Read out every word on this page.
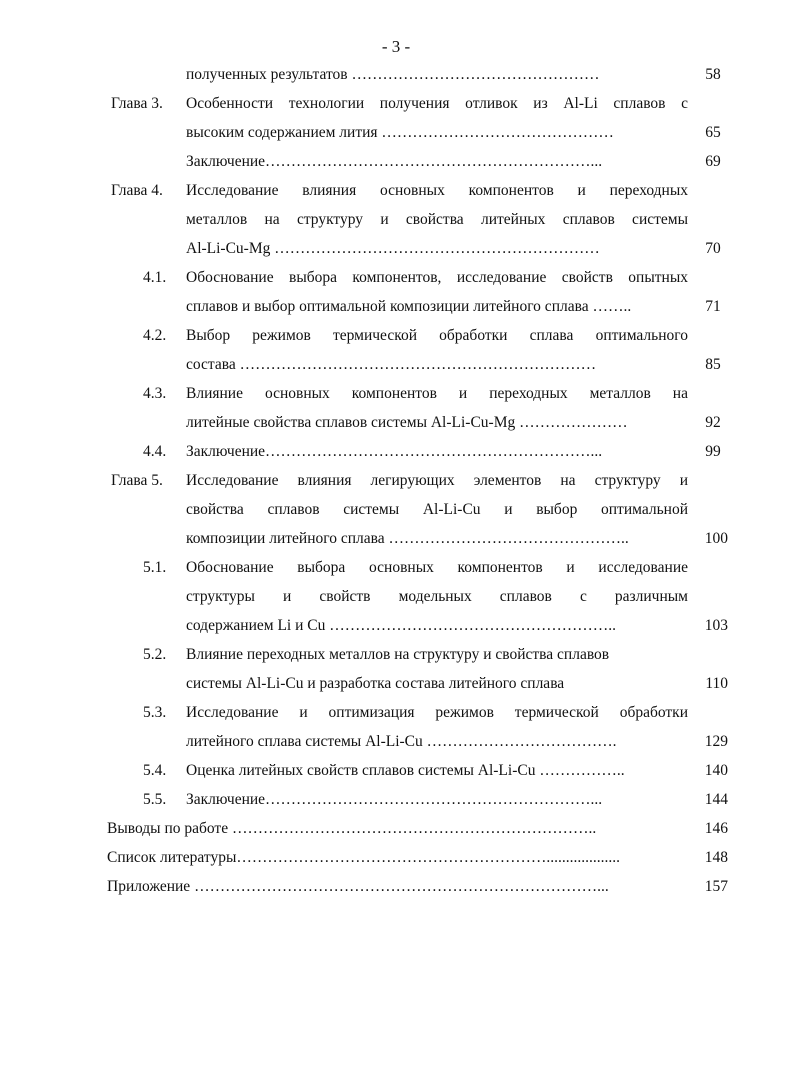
- 3 -
полученных результатов …………………………………………	58
Глава 3. Особенности технологии получения отливок из Al-Li сплавов с
высоким содержанием лития ………………………………………	65
Заключение………………………………………………………...	69
Глава 4. Исследование влияния основных компонентов и переходных
металлов на структуру и свойства литейных сплавов системы
Al-Li-Cu-Mg ………………………………………………………	70
4.1. Обоснование выбора компонентов, исследование свойств опытных
сплавов и выбор оптимальной композиции литейного сплава ……..	71
4.2. Выбор режимов термической обработки сплава оптимального
состава ……………………………………………………………	85
4.3. Влияние основных компонентов и переходных металлов на
литейные свойства сплавов системы Al-Li-Cu-Mg …………………	92
4.4. Заключение………………………………………………………...	99
Глава 5. Исследование влияния легирующих элементов на структуру и
свойства сплавов системы Al-Li-Cu и выбор оптимальной
композиции литейного сплава ………………………………………..	100
5.1. Обоснование выбора основных компонентов и исследование
структуры и свойств модельных сплавов с различным
содержанием Li и Cu ………………………………………………..	103
5.2. Влияние переходных металлов на структуру и свойства сплавов
системы Al-Li-Cu и разработка состава литейного сплава	110
5.3. Исследование и оптимизация режимов термической обработки
литейного сплава системы Al-Li-Cu ……………………………….	129
5.4. Оценка литейных свойств сплавов системы Al-Li-Cu ……………..	140
5.5. Заключение………………………………………………………...	144
Выводы по работе ……………………………………………………………..	146
Список литературы……………………………………………………...................	148
Приложение ……………………………………………………………………...	157
